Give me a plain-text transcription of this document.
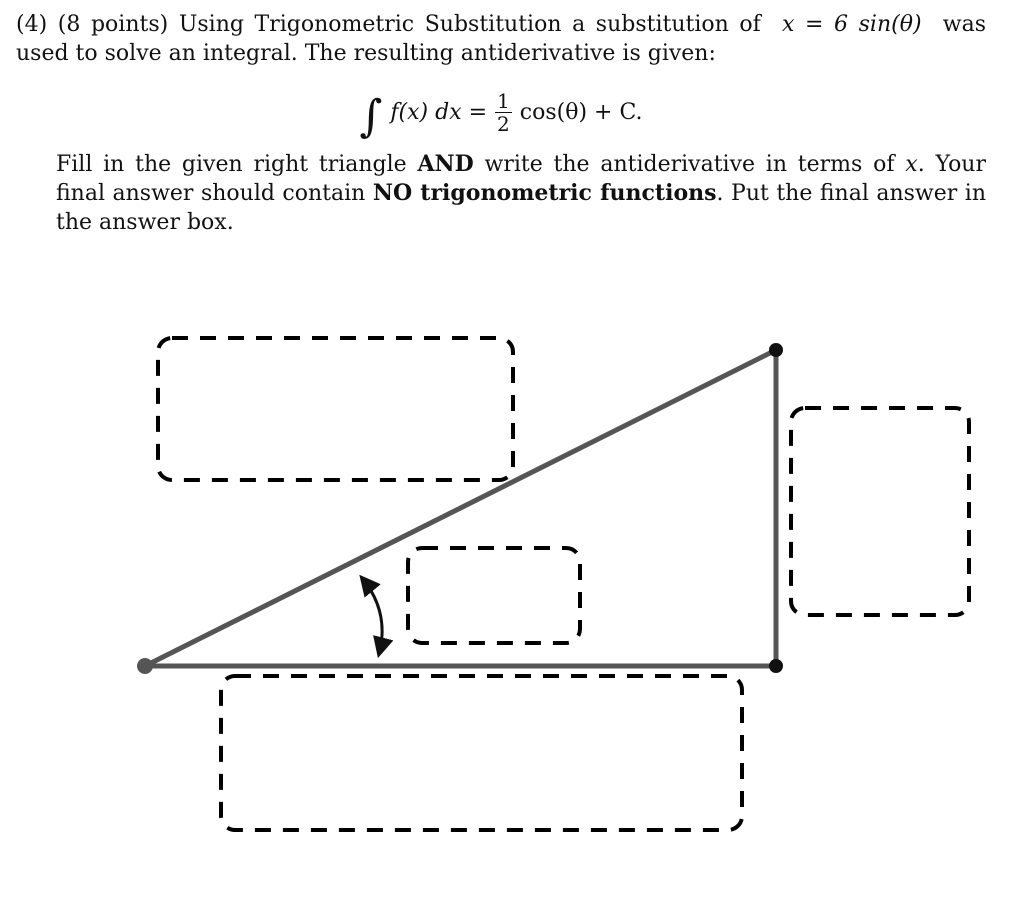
(4) (8 points) Using Trigonometric Substitution a substitution of x = 6 sin(θ) was used to solve an integral. The resulting antiderivative is given:

∫ f(x) dx = $\frac{1}{2} \cos(\theta) + C$.

Fill in the given right triangle AND write the antiderivative in terms of x. Your final answer should contain NO trigonometric functions. Put the final answer in the answer box.
